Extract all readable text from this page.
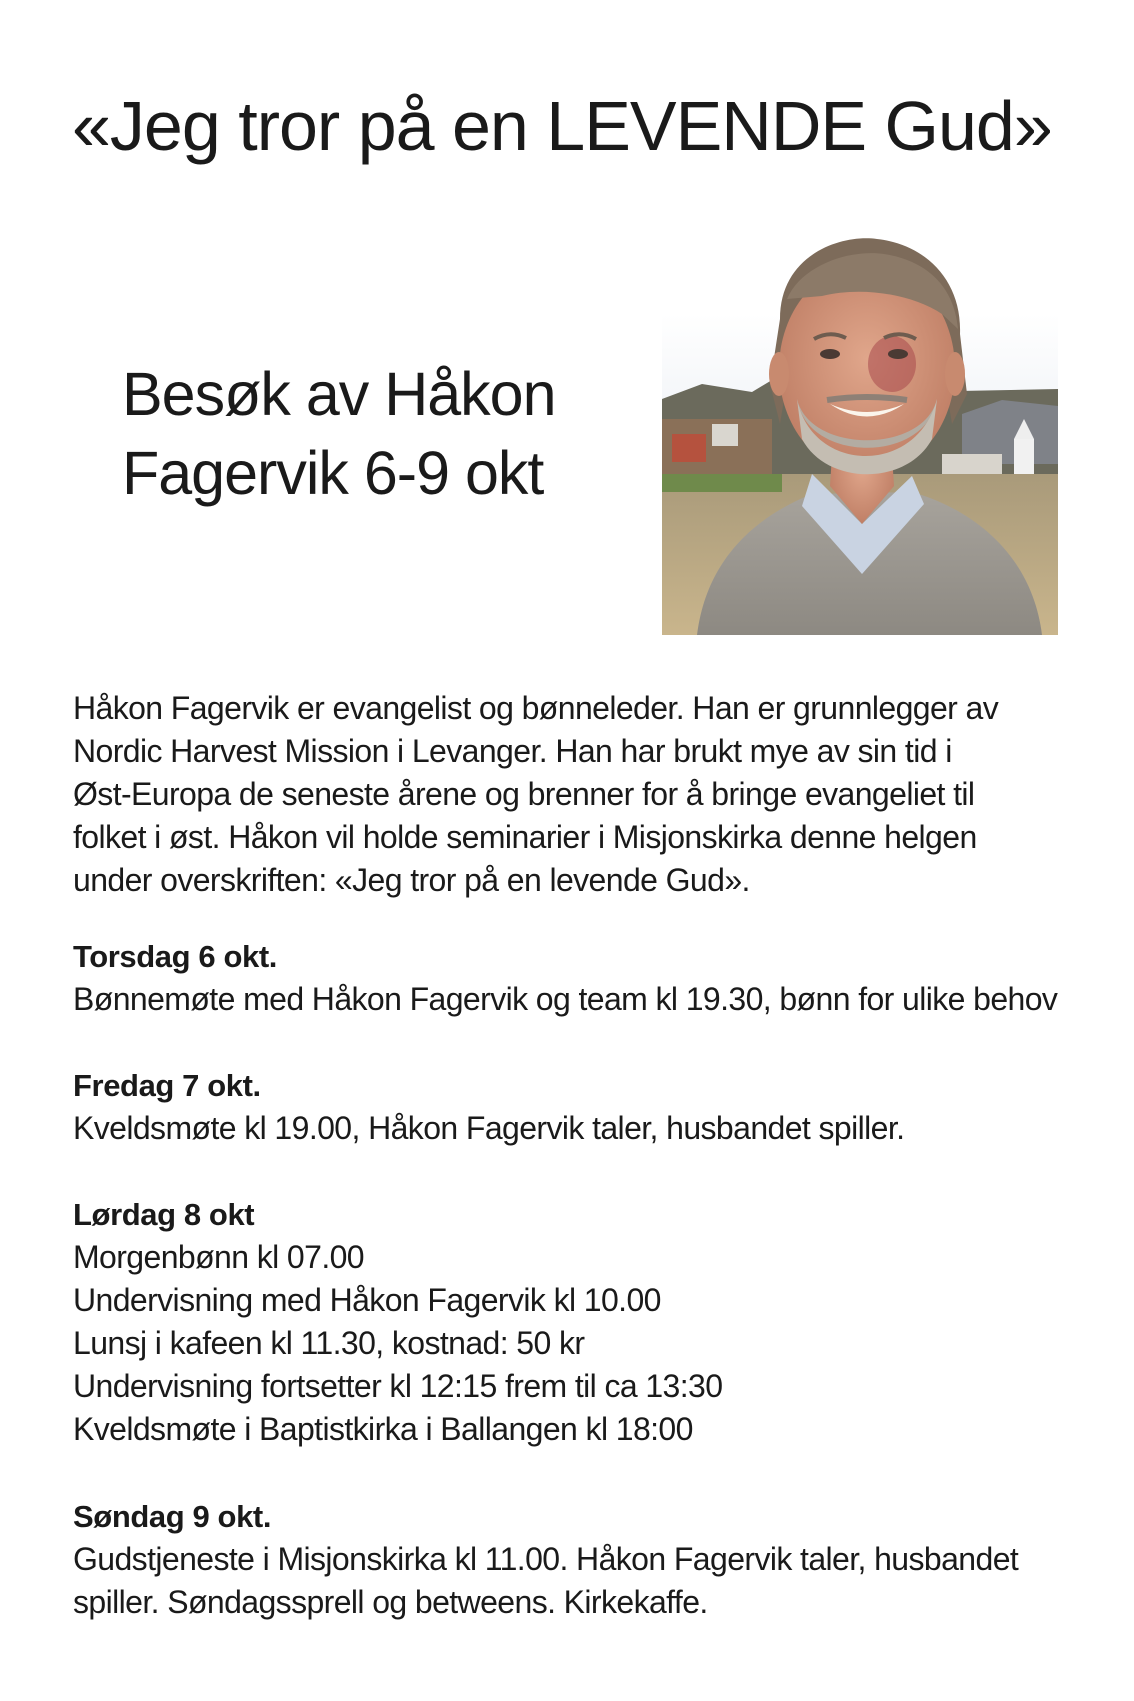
«Jeg tror på en LEVENDE Gud»
Besøk av Håkon
Fagervik 6-9 okt
Håkon Fagervik er evangelist og bønneleder. Han er grunnlegger av
Nordic Harvest Mission i Levanger. Han har brukt mye av sin tid i
Øst-Europa de seneste årene og brenner for å bringe evangeliet til
folket i øst. Håkon vil holde seminarier i Misjonskirka denne helgen
under overskriften: «Jeg tror på en levende Gud».
Torsdag 6 okt.
Bønnemøte med Håkon Fagervik og team kl 19.30, bønn for ulike behov
Fredag 7 okt.
Kveldsmøte kl 19.00, Håkon Fagervik taler, husbandet spiller.
Lørdag 8 okt
Morgenbønn kl 07.00
Undervisning med Håkon Fagervik kl 10.00
Lunsj i kafeen kl 11.30, kostnad: 50 kr
Undervisning fortsetter kl 12:15 frem til ca 13:30
Kveldsmøte i Baptistkirka i Ballangen kl 18:00
Søndag 9 okt.
Gudstjeneste i Misjonskirka kl 11.00. Håkon Fagervik taler, husbandet
spiller. Søndagssprell og betweens. Kirkekaffe.
